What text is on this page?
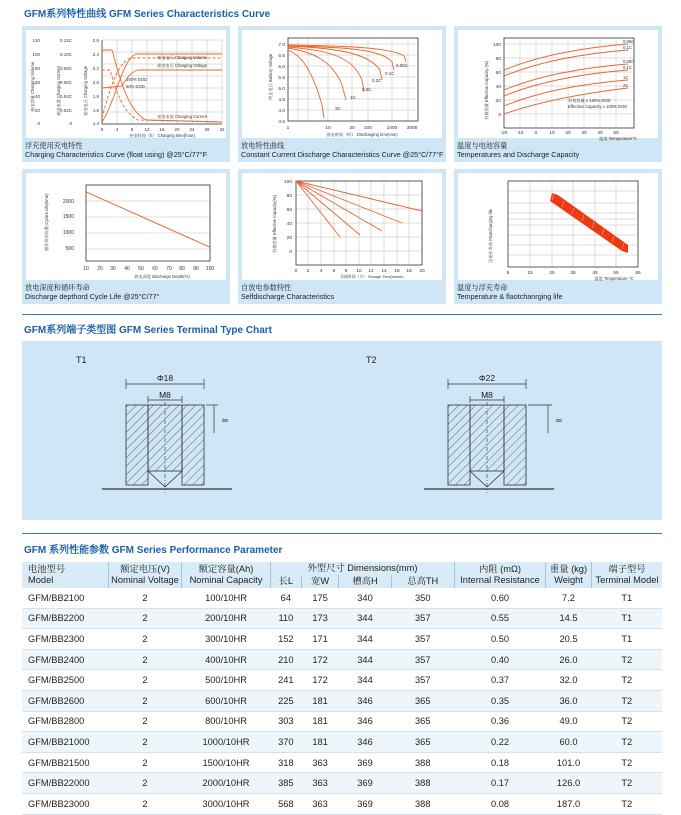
GFM系列特性曲线 GFM Series Characteristics Curve
充电电压 Charging Volume
充电电压 Charging Voltage
100% DOD
50% DOD
充电电流 Charging Current
120
100
80
60
40
20
0
0.12C
0.10C
0.08C
0.06C
0.04C
0.02C
0
2.6
2.4
2.2
2.0
1.8
1.6
1.4
充电容量 Charging Volume	充电电流 Charging Current	充电电压 Charging Voltage
0	4	8 12 16 20 24 28 32
充电时间（h） Charging time(hour)
浮充使用充电特性
Charging Characteristics Curve (float using) @25°C/77°F
3C
1C
0.5C
0.2C
0.1C
0.05C
7.0
6.5
6.0
5.5
5.0
4.5
4.0
3.5
终止电压 Battery Voltage
1	10	30 100	1000 3000
放电时间（时） Discharging time(min)
放电特性曲线
Constant Current Discharge Characteristics Curve @25°C/77°F
0.05C
0.1C
0.05C
0.1C
1C
2C
有效容量 ≥ 100% DOD
Effective Capacity ≥ 100% DOD
100
80
60
40
20
0
有效容量 Effective Capacity (%)
-20 -10 0 10 20 30 40 50
温度 Temperature℃
温度与电池容量
Temperatures and Discharge Capacity
2000
1500
1000
500
循环寿命次数 Cycles Life(time)
10 20 30 40 50 60 70 80 90 100
放电深度 Discharge Depth(%)
放电深度和循环寿命
Discharge depthord Cycle Life @25°C/77°
100
80
60
40
20
0
有效容量 Effective Capacity(%)
0 2 4 6 8 10 12 14 16 18 20
存储时间（月） Storage Time(month)
自放电参数特性
Selfdischarge Characteristics
浮充年寿命 Floatcharging life
5	15	25	35	45	55	65
温度 Temperature ℃
温度与浮充寿命
Temperature & flaotchanrging life
GFM系列端子类型图 GFM Series Terminal Type Chart
T1	T2
Φ18
M8
∞
Φ22
M8
∞
GFM 系列性能参数 GFM Series Performance Parameter
电池型号
Model	额定电压(V)
Nominal Voltage	额定容量(Ah)
Nominal Capacity	外型尺寸 Dimensions(mm)				内阻 (mΩ)
Internal Resistance	重量 (kg)
Weight	端子型号
Terminal Model
			长L	宽W	槽高H	总高TH			
GFM/BB2100	2	100/10HR	64	175	340	350	0.60	7.2	T1
GFM/BB2200	2	200/10HR	110	173	344	357	0.55	14.5	T1
GFM/BB2300	2	300/10HR	152	171	344	357	0.50	20.5	T1
GFM/BB2400	2	400/10HR	210	172	344	357	0.40	26.0	T2
GFM/BB2500	2	500/10HR	241	172	344	357	0.37	32.0	T2
GFM/BB2600	2	600/10HR	225	181	346	365	0.35	36.0	T2
GFM/BB2800	2	800/10HR	303	181	346	365	0.36	49.0	T2
GFM/BB21000	2	1000/10HR	370	181	346	365	0.22	60.0	T2
GFM/BB21500	2	1500/10HR	318	363	369	388	0.18	101.0	T2
GFM/BB22000	2	2000/10HR	385	363	369	388	0.17	126.0	T2
GFM/BB23000	2	3000/10HR	568	363	369	388	0.08	187.0	T2
